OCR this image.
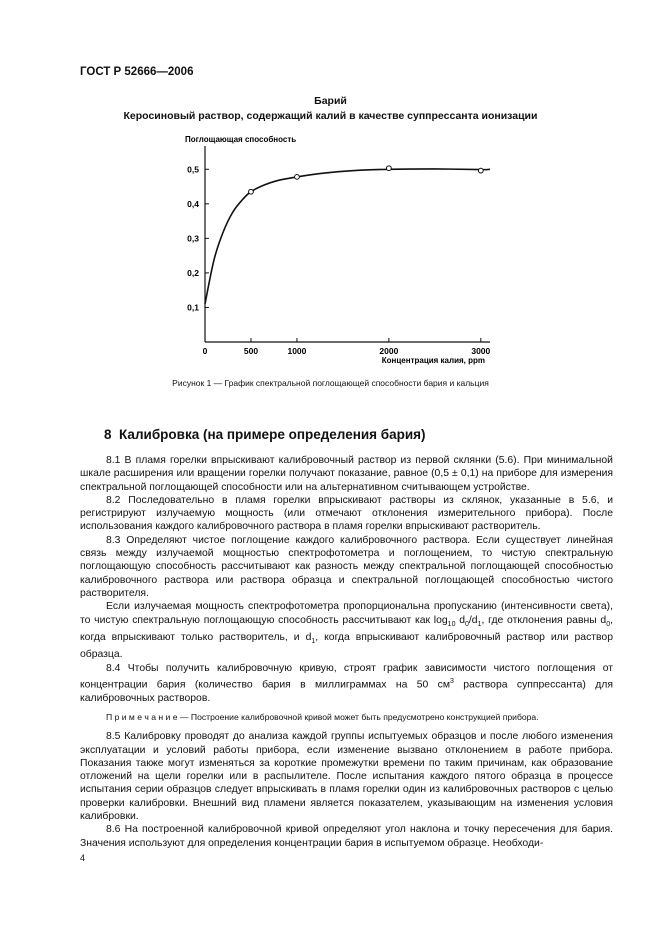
ГОСТ Р 52666—2006
Барий
Керосиновый раствор, содержащий калий в качестве суппрессанта ионизации
0,1
0,2
0,3
0,4
0,5
0	500	1000	2000	3000
Поглощающая способность
Концентрация калия, ppm
Рисунок 1 — График спектральной поглощающей способности бария и кальция
8 Калибровка (на примере определения бария)

8.1 В пламя горелки впрыскивают калибровочный раствор из первой склянки (5.6). При минимальной шкале расширения или вращении горелки получают показание, равное (0,5 ± 0,1) на приборе для измерения спектральной поглощающей способности или на альтернативном считывающем устройстве.

8.2 Последовательно в пламя горелки впрыскивают растворы из склянок, указанные в 5.6, и регистрируют излучаемую мощность (или отмечают отклонения измерительного прибора). После использования каждого калибровочного раствора в пламя горелки впрыскивают растворитель.

8.3 Определяют чистое поглощение каждого калибровочного раствора. Если существует линейная связь между излучаемой мощностью спектрофотометра и поглощением, то чистую спектральную поглощающую способность рассчитывают как разность между спектральной поглощающей способностью калибровочного раствора или раствора образца и спектральной поглощающей способностью чистого растворителя.

Если излучаемая мощность спектрофотометра пропорциональна пропусканию (интенсивности света), то чистую спектральную поглощающую способность рассчитывают как $\log_{10} d_0/d_1$, где отклонения равны $d_0$, когда впрыскивают только растворитель, и $d_1$, когда впрыскивают калибровочный раствор или раствор образца.

8.4 Чтобы получить калибровочную кривую, строят график зависимости чистого поглощения от концентрации бария (количество бария в миллиграммах на 50 $см^3$ раствора суппрессанта) для калибровочных растворов.

П р и м е ч а н и е — Построение калибровочной кривой может быть предусмотрено конструкцией прибора.

8.5 Калибровку проводят до анализа каждой группы испытуемых образцов и после любого изменения эксплуатации и условий работы прибора, если изменение вызвано отклонением в работе прибора. Показания также могут изменяться за короткие промежутки времени по таким причинам, как образование отложений на щели горелки или в распылителе. После испытания каждого пятого образца в процессе испытания серии образцов следует впрыскивать в пламя горелки один из калибровочных растворов с целью проверки калибровки. Внешний вид пламени является показателем, указывающим на изменения условия калибровки.

8.6 На построенной калибровочной кривой определяют угол наклона и точку пересечения для бария. Значения используют для определения концентрации бария в испытуемом образце. Необходи-

4
